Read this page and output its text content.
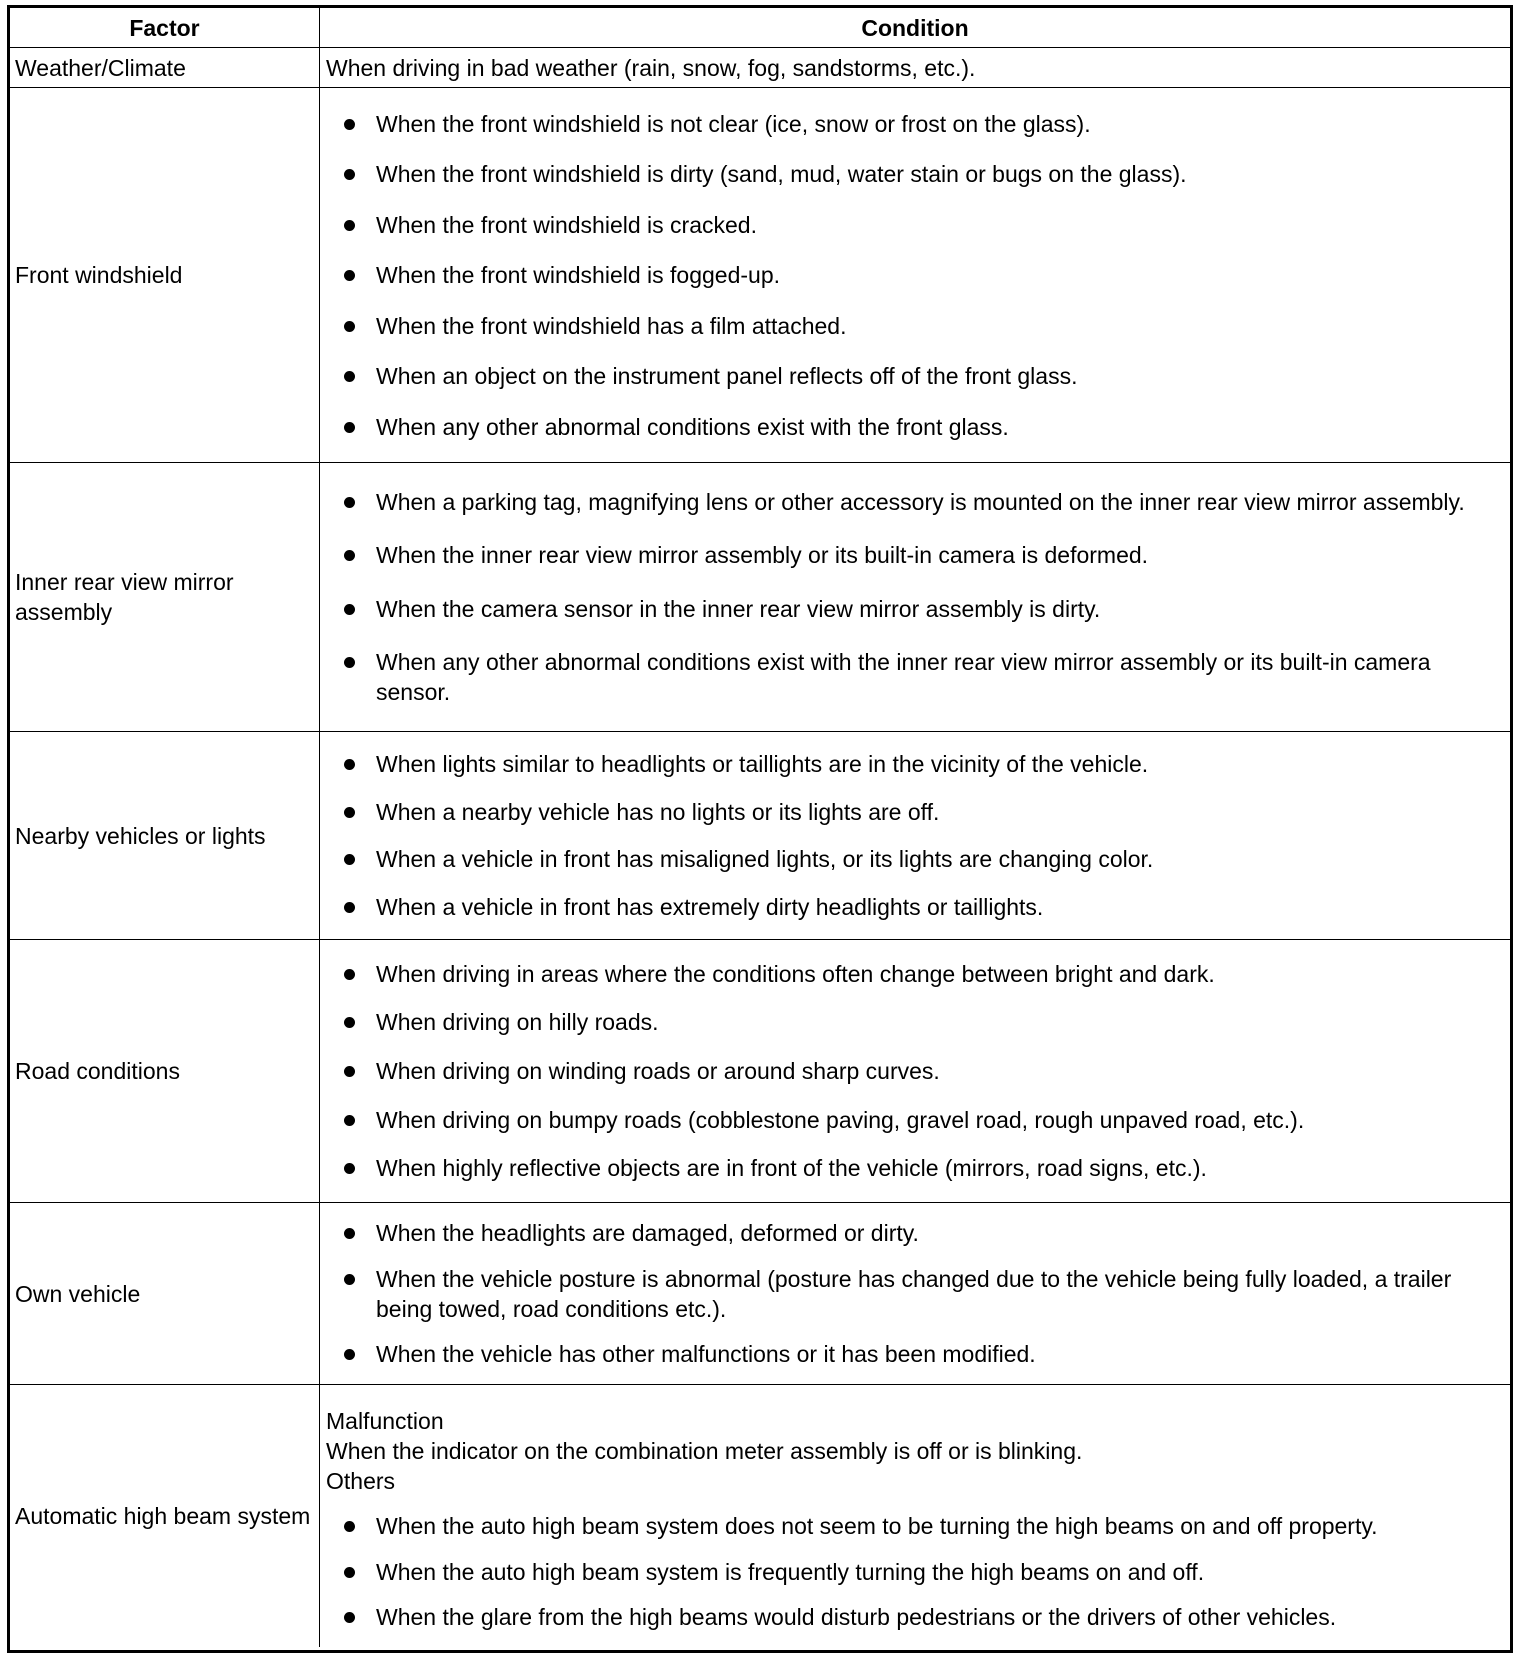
Factor	Condition
Weather/Climate	When driving in bad weather (rain, snow, fog, sandstorms, etc.).
Front windshield
When the front windshield is not clear (ice, snow or frost on the glass).
When the front windshield is dirty (sand, mud, water stain or bugs on the glass).
When the front windshield is cracked.
When the front windshield is fogged-up.
When the front windshield has a film attached.
When an object on the instrument panel reflects off of the front glass.
When any other abnormal conditions exist with the front glass.
Inner rear view mirror assembly
When a parking tag, magnifying lens or other accessory is mounted on the inner rear view mirror assembly.
When the inner rear view mirror assembly or its built-in camera is deformed.
When the camera sensor in the inner rear view mirror assembly is dirty.
When any other abnormal conditions exist with the inner rear view mirror assembly or its built-in camera sensor.
Nearby vehicles or lights
When lights similar to headlights or taillights are in the vicinity of the vehicle.
When a nearby vehicle has no lights or its lights are off.
When a vehicle in front has misaligned lights, or its lights are changing color.
When a vehicle in front has extremely dirty headlights or taillights.
Road conditions
When driving in areas where the conditions often change between bright and dark.
When driving on hilly roads.
When driving on winding roads or around sharp curves.
When driving on bumpy roads (cobblestone paving, gravel road, rough unpaved road, etc.).
When highly reflective objects are in front of the vehicle (mirrors, road signs, etc.).
Own vehicle
When the headlights are damaged, deformed or dirty.
When the vehicle posture is abnormal (posture has changed due to the vehicle being fully loaded, a trailer being towed, road conditions etc.).
When the vehicle has other malfunctions or it has been modified.
Automatic high beam system
Malfunction
When the indicator on the combination meter assembly is off or is blinking.
Others
When the auto high beam system does not seem to be turning the high beams on and off property.
When the auto high beam system is frequently turning the high beams on and off.
When the glare from the high beams would disturb pedestrians or the drivers of other vehicles.
